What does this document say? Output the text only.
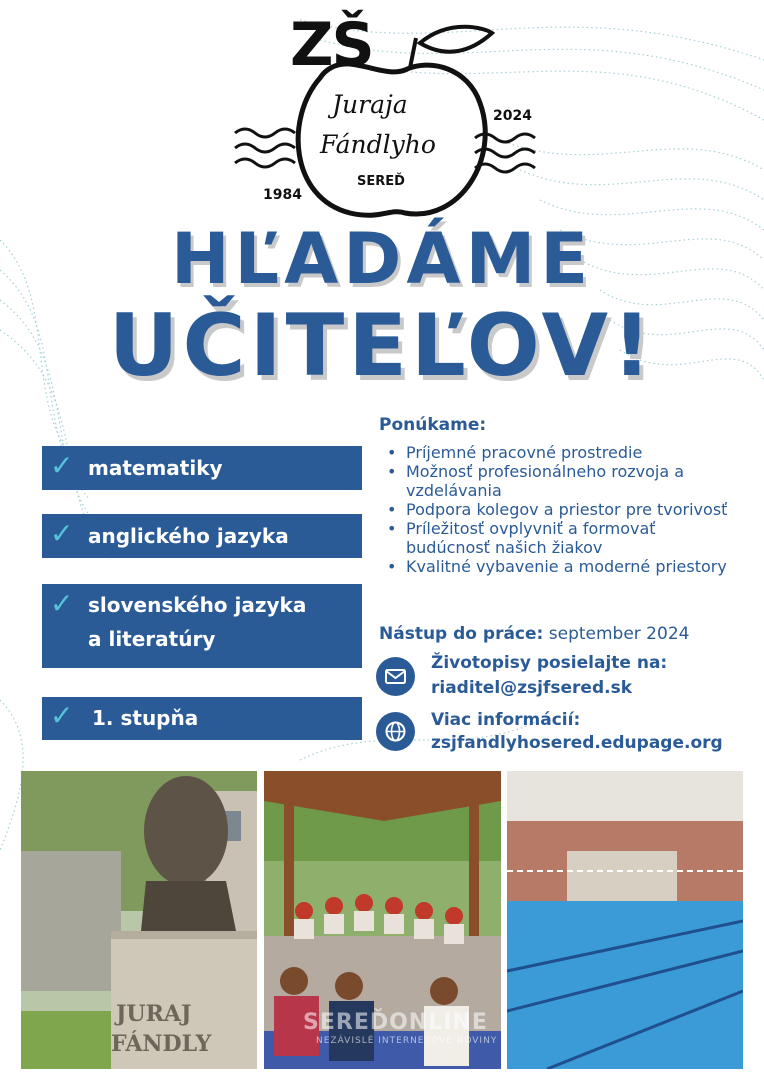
ZŠ
Juraja
Fándlyho
SEREĎ
1984
2024
HĽADÁME
UČITEĽOV!
✓ matematiky
✓ anglického jazyka
✓ slovenského jazyka
a literatúry
✓ 1. stupňa
Ponúkame:
• Príjemné pracovné prostredie
• Možnosť profesionálneho rozvoja a vzdelávania
• Podpora kolegov a priestor pre tvorivosť
• Príležitosť ovplyvniť a formovať budúcnosť našich žiakov
• Kvalitné vybavenie a moderné priestory
Nástup do práce: september 2024
Životopisy posielajte na:
riaditel@zsjfsered.sk
Viac informácií:
zsjfandlyhosered.edupage.org
JURAJ
FÁNDLY
SEREĎONLINE
NEZÁVISLÉ INTERNETOVÉ NOVINY
